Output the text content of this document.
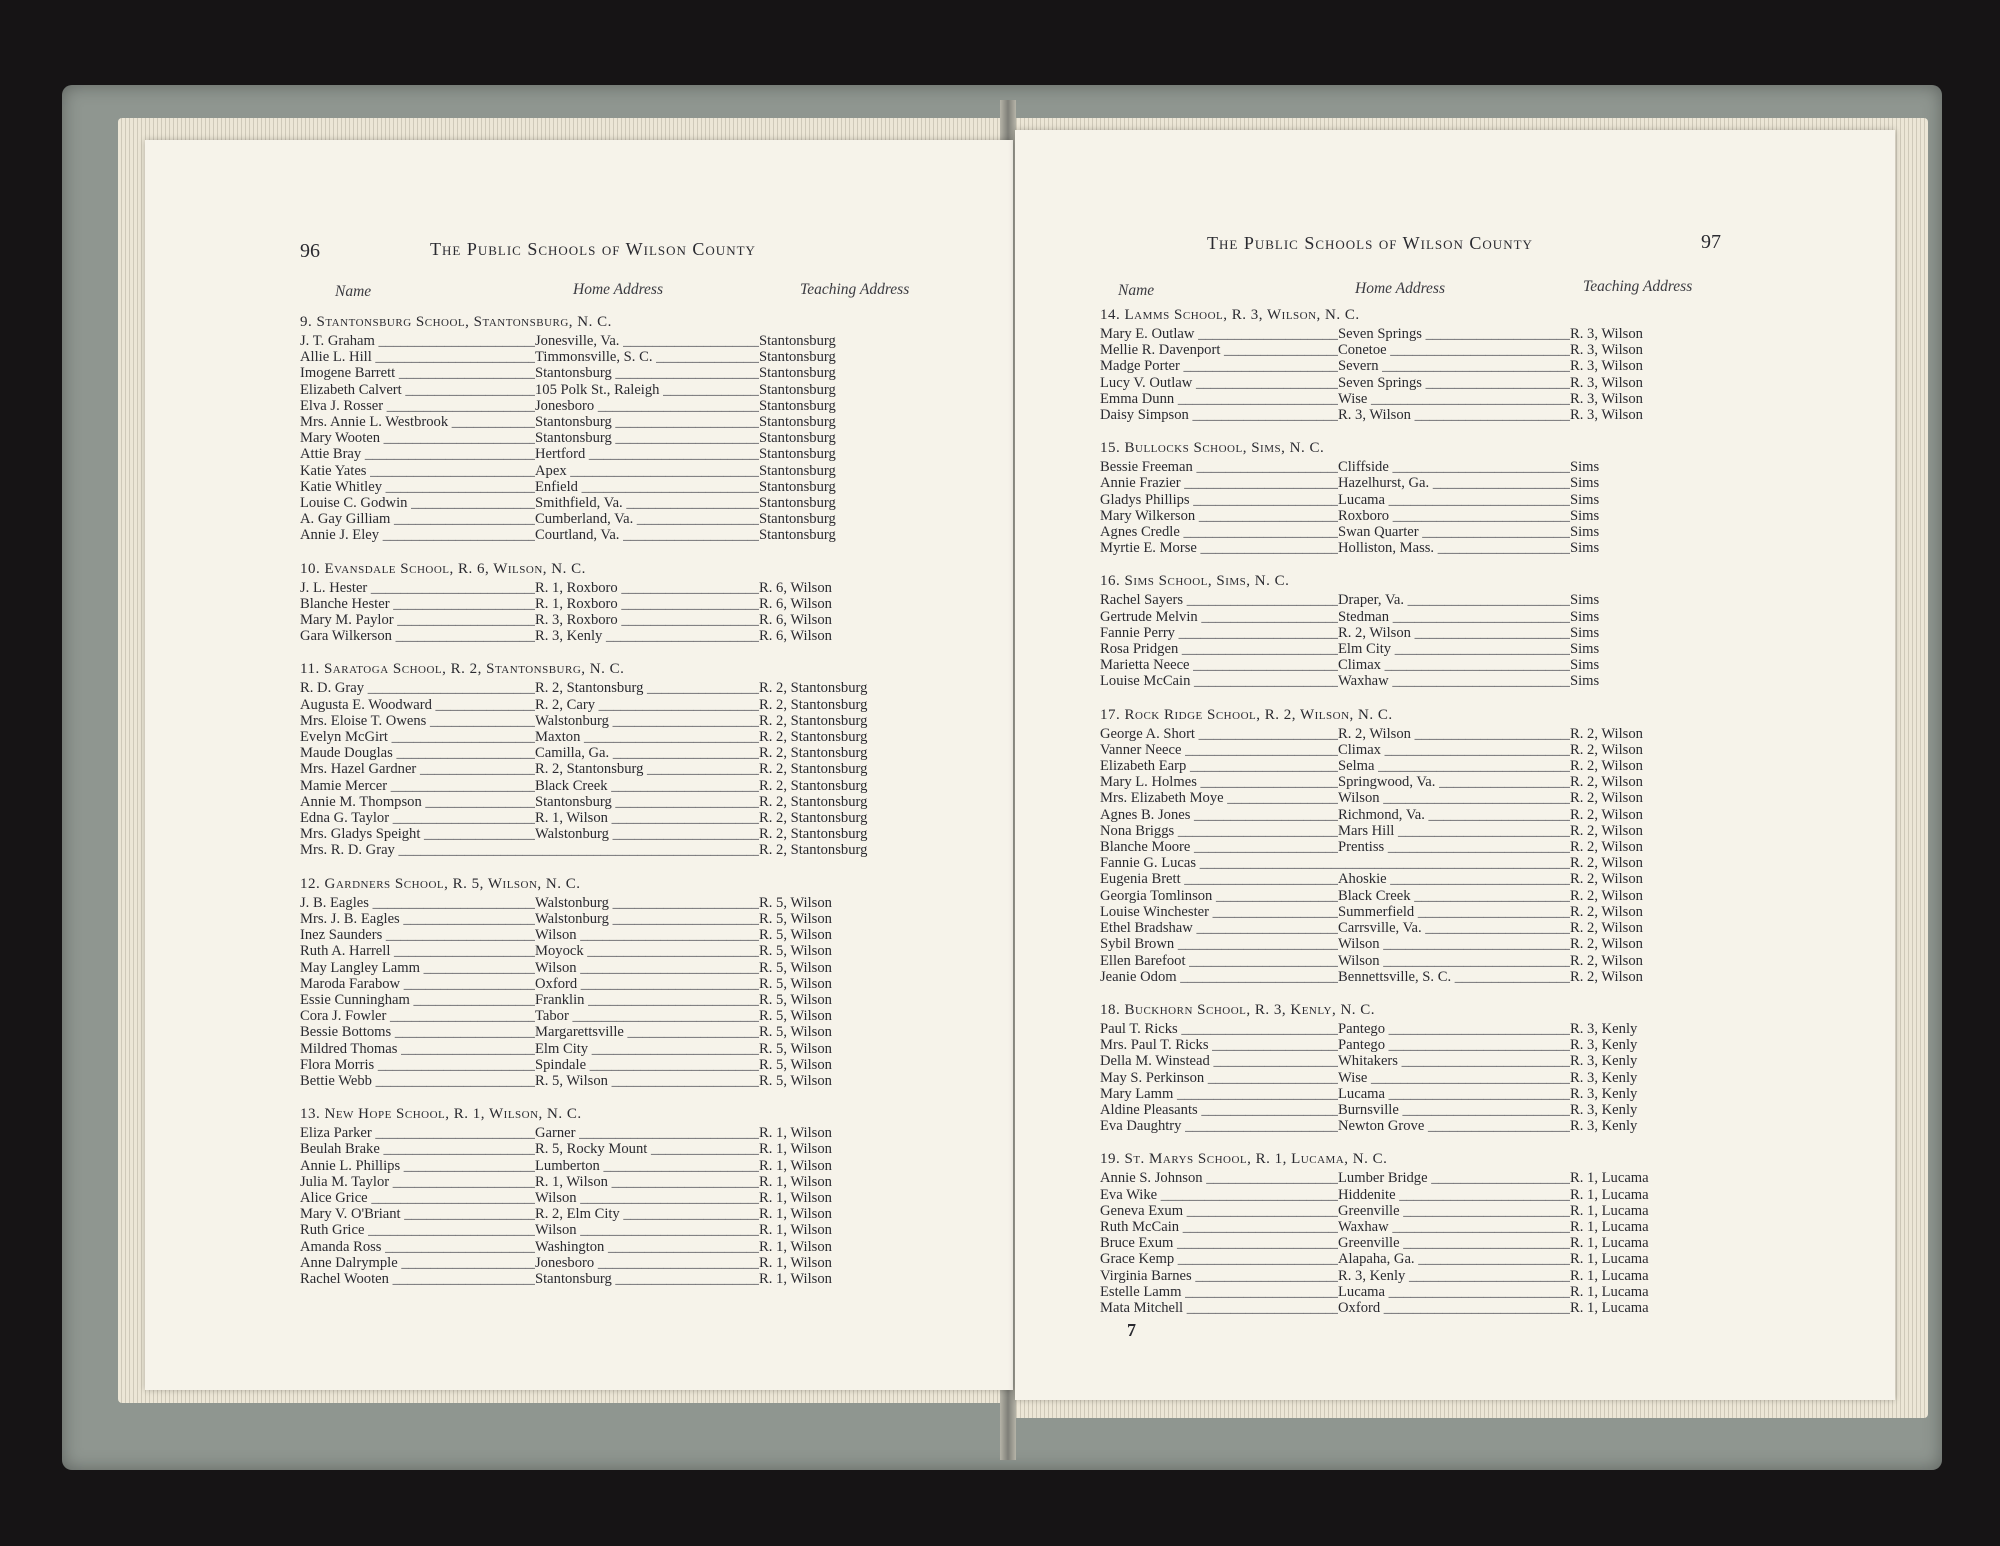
96	The Public Schools of Wilson County
Name	Home Address	Teaching Address
9. Stantonsburg School, Stantonsburg, N. C.
J. T. Graham _____	Jonesville, Va. _____	Stantonsburg
Allie L. Hill _____	Timmonsville, S. C. _____	Stantonsburg
Imogene Barrett _____	Stantonsburg _____	Stantonsburg
Elizabeth Calvert _____	105 Polk St., Raleigh _____	Stantonsburg
Elva J. Rosser _____	Jonesboro _____	Stantonsburg
Mrs. Annie L. Westbrook _____	Stantonsburg _____	Stantonsburg
Mary Wooten _____	Stantonsburg _____	Stantonsburg
Attie Bray _____	Hertford _____	Stantonsburg
Katie Yates _____	Apex _____	Stantonsburg
Katie Whitley _____	Enfield _____	Stantonsburg
Louise C. Godwin _____	Smithfield, Va. _____	Stantonsburg
A. Gay Gilliam _____	Cumberland, Va. _____	Stantonsburg
Annie J. Eley _____	Courtland, Va. _____	Stantonsburg
10. Evansdale School, R. 6, Wilson, N. C.
J. L. Hester _____	R. 1, Roxboro _____	R. 6, Wilson
Blanche Hester _____	R. 1, Roxboro _____	R. 6, Wilson
Mary M. Paylor _____	R. 3, Roxboro _____	R. 6, Wilson
Gara Wilkerson _____	R. 3, Kenly _____	R. 6, Wilson
11. Saratoga School, R. 2, Stantonsburg, N. C.
R. D. Gray _____	R. 2, Stantonsburg _____	R. 2, Stantonsburg
Augusta E. Woodward _____	R. 2, Cary _____	R. 2, Stantonsburg
Mrs. Eloise T. Owens _____	Walstonburg _____	R. 2, Stantonsburg
Evelyn McGirt _____	Maxton _____	R. 2, Stantonsburg
Maude Douglas _____	Camilla, Ga. _____	R. 2, Stantonsburg
Mrs. Hazel Gardner _____	R. 2, Stantonsburg _____	R. 2, Stantonsburg
Mamie Mercer _____	Black Creek _____	R. 2, Stantonsburg
Annie M. Thompson _____	Stantonsburg _____	R. 2, Stantonsburg
Edna G. Taylor _____	R. 1, Wilson _____	R. 2, Stantonsburg
Mrs. Gladys Speight _____	Walstonburg _____	R. 2, Stantonsburg
Mrs. R. D. Gray _____ _____	R. 2, Stantonsburg
12. Gardners School, R. 5, Wilson, N. C.
J. B. Eagles _____	Walstonburg _____	R. 5, Wilson
Mrs. J. B. Eagles _____	Walstonburg _____	R. 5, Wilson
Inez Saunders _____	Wilson _____	R. 5, Wilson
Ruth A. Harrell _____	Moyock _____	R. 5, Wilson
May Langley Lamm _____	Wilson _____	R. 5, Wilson
Maroda Farabow _____	Oxford _____	R. 5, Wilson
Essie Cunningham _____	Franklin _____	R. 5, Wilson
Cora J. Fowler _____	Tabor _____	R. 5, Wilson
Bessie Bottoms _____	Margarettsville _____	R. 5, Wilson
Mildred Thomas _____	Elm City _____	R. 5, Wilson
Flora Morris _____	Spindale _____	R. 5, Wilson
Bettie Webb _____	R. 5, Wilson _____	R. 5, Wilson
13. New Hope School, R. 1, Wilson, N. C.
Eliza Parker _____	Garner _____	R. 1, Wilson
Beulah Brake _____	R. 5, Rocky Mount _____	R. 1, Wilson
Annie L. Phillips _____	Lumberton _____	R. 1, Wilson
Julia M. Taylor _____	R. 1, Wilson _____	R. 1, Wilson
Alice Grice _____	Wilson _____	R. 1, Wilson
Mary V. O'Briant _____	R. 2, Elm City _____	R. 1, Wilson
Ruth Grice _____	Wilson _____	R. 1, Wilson
Amanda Ross _____	Washington _____	R. 1, Wilson
Anne Dalrymple _____	Jonesboro _____	R. 1, Wilson
Rachel Wooten _____	Stantonsburg _____	R. 1, Wilson
The Public Schools of Wilson County	97
Name	Home Address	Teaching Address
14. Lamms School, R. 3, Wilson, N. C.
Mary E. Outlaw _____	Seven Springs _____	R. 3, Wilson
Mellie R. Davenport _____	Conetoe _____	R. 3, Wilson
Madge Porter _____	Severn _____	R. 3, Wilson
Lucy V. Outlaw _____	Seven Springs _____	R. 3, Wilson
Emma Dunn _____	Wise _____	R. 3, Wilson
Daisy Simpson _____	R. 3, Wilson _____	R. 3, Wilson
15. Bullocks School, Sims, N. C.
Bessie Freeman _____	Cliffside _____	Sims
Annie Frazier _____	Hazelhurst, Ga. _____	Sims
Gladys Phillips _____	Lucama _____	Sims
Mary Wilkerson _____	Roxboro _____	Sims
Agnes Credle _____	Swan Quarter _____	Sims
Myrtie E. Morse _____	Holliston, Mass. _____	Sims
16. Sims School, Sims, N. C.
Rachel Sayers _____	Draper, Va. _____	Sims
Gertrude Melvin _____	Stedman _____	Sims
Fannie Perry _____	R. 2, Wilson _____	Sims
Rosa Pridgen _____	Elm City _____	Sims
Marietta Neece _____	Climax _____	Sims
Louise McCain _____	Waxhaw _____	Sims
17. Rock Ridge School, R. 2, Wilson, N. C.
George A. Short _____	R. 2, Wilson _____	R. 2, Wilson
Vanner Neece _____	Climax _____	R. 2, Wilson
Elizabeth Earp _____	Selma _____	R. 2, Wilson
Mary L. Holmes _____	Springwood, Va. _____	R. 2, Wilson
Mrs. Elizabeth Moye _____	Wilson _____	R. 2, Wilson
Agnes B. Jones _____	Richmond, Va. _____	R. 2, Wilson
Nona Briggs _____	Mars Hill _____	R. 2, Wilson
Blanche Moore _____	Prentiss _____	R. 2, Wilson
Fannie G. Lucas _____ _____	R. 2, Wilson
Eugenia Brett _____	Ahoskie _____	R. 2, Wilson
Georgia Tomlinson _____	Black Creek _____	R. 2, Wilson
Louise Winchester _____	Summerfield _____	R. 2, Wilson
Ethel Bradshaw _____	Carrsville, Va. _____	R. 2, Wilson
Sybil Brown _____	Wilson _____	R. 2, Wilson
Ellen Barefoot _____	Wilson _____	R. 2, Wilson
Jeanie Odom _____	Bennettsville, S. C. _____	R. 2, Wilson
18. Buckhorn School, R. 3, Kenly, N. C.
Paul T. Ricks _____	Pantego _____	R. 3, Kenly
Mrs. Paul T. Ricks _____	Pantego _____	R. 3, Kenly
Della M. Winstead _____	Whitakers _____	R. 3, Kenly
May S. Perkinson _____	Wise _____	R. 3, Kenly
Mary Lamm _____	Lucama _____	R. 3, Kenly
Aldine Pleasants _____	Burnsville _____	R. 3, Kenly
Eva Daughtry _____	Newton Grove _____	R. 3, Kenly
19. St. Marys School, R. 1, Lucama, N. C.
Annie S. Johnson _____	Lumber Bridge _____	R. 1, Lucama
Eva Wike _____	Hiddenite _____	R. 1, Lucama
Geneva Exum _____	Greenville _____	R. 1, Lucama
Ruth McCain _____	Waxhaw _____	R. 1, Lucama
Bruce Exum _____	Greenville _____	R. 1, Lucama
Grace Kemp _____	Alapaha, Ga. _____	R. 1, Lucama
Virginia Barnes _____	R. 3, Kenly _____	R. 1, Lucama
Estelle Lamm _____	Lucama _____	R. 1, Lucama
Mata Mitchell _____	Oxford _____	R. 1, Lucama
7
